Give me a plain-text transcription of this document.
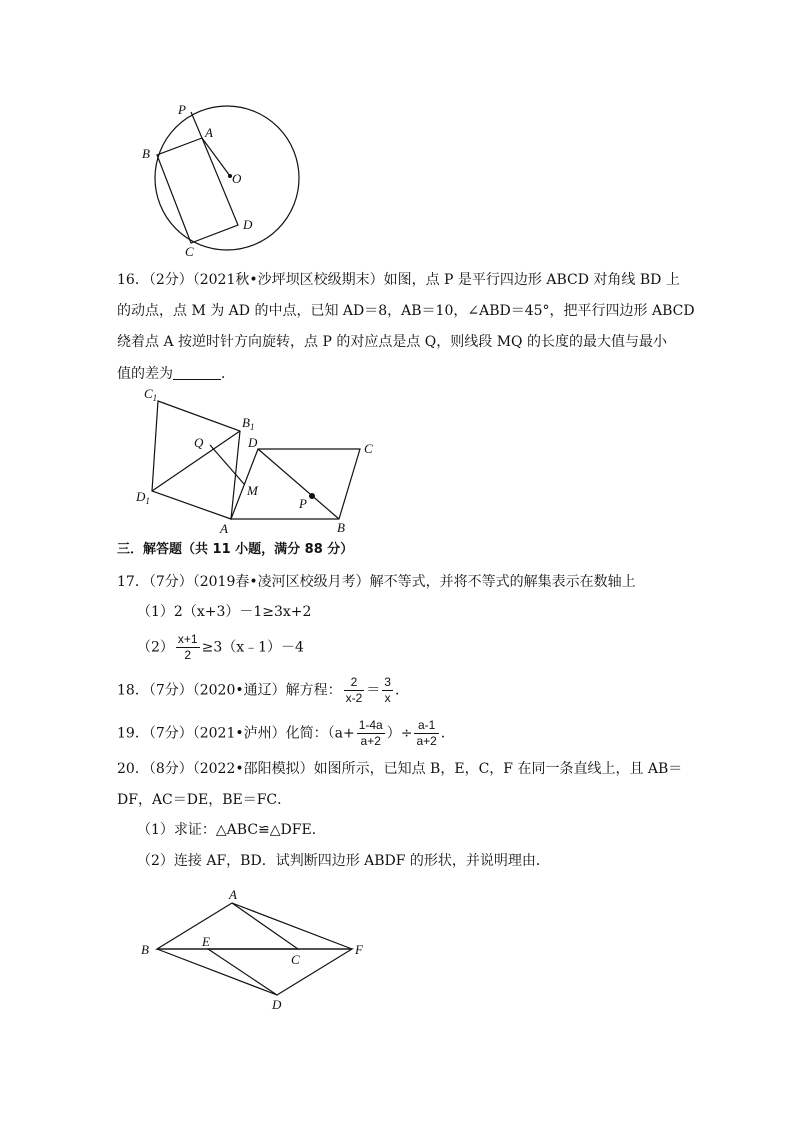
P
A
B
O
D
C
16．（2分）（2021秋•沙坪坝区校级期末）如图，点 P 是平行四边形 ABCD 对角线 BD 上
的动点，点 M 为 AD 的中点，已知 AD＝8，AB＝10，∠ABD＝45°，把平行四边形 ABCD
绕着点 A 按逆时针方向旋转，点 P 的对应点是点 Q，则线段 MQ 的长度的最大值与最小
值的差为	．
$C_1$
$B_1$
Q	D	C
M
$D_1$	P
A	B
三．解答题（共 11 小题，满分 88 分）
17．（7分）（2019春•凌河区校级月考）解不等式，并将不等式的解集表示在数轴上
（1）2（x+3）－1≥3x+2
$(2) \frac{x+1}{2}$ ≥3（x﹣1）－4
18．（7分）（2020•通辽）解方程： $\frac{2}{x-2} = \frac{3}{x}$ ．
19．（7分）（2021•泸州）化简：（$a+ \frac{1-4a}{a+2}$ ）÷ $\frac{a-1}{a+2}$ ．
20．（8分）（2022•邵阳模拟）如图所示，已知点 B，E，C，F 在同一条直线上，且 AB＝
DF，AC＝DE，BE＝FC．
（1）求证：△ABC≌△DFE．
（2）连接 AF，BD．试判断四边形 ABDF 的形状，并说明理由．
A
B
E
C
F
D
